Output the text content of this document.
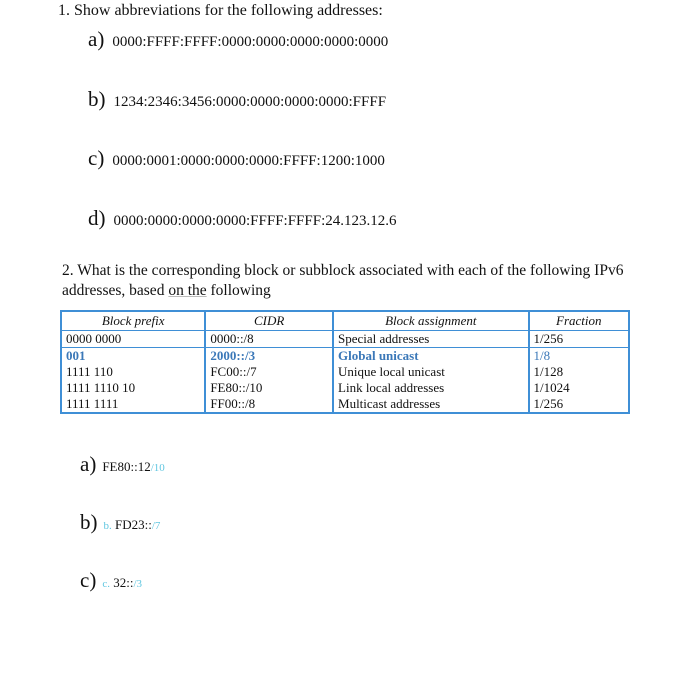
1. Show abbreviations for the following addresses:
a) 0000:FFFF:FFFF:0000:0000:0000:0000:0000
b) 1234:2346:3456:0000:0000:0000:0000:FFFF
c) 0000:0001:0000:0000:0000:FFFF:1200:1000
d) 0000:0000:0000:0000:FFFF:FFFF:24.123.12.6
2. What is the corresponding block or subblock associated with each of the following IPv6
addresses, based on the following
Block prefix	CIDR	Block assignment	Fraction
0000 0000	0000::/8	Special addresses	1/256
001	2000::/3	Global unicast	1/8
1111 110	FC00::/7	Unique local unicast	1/128
1111 1110 10	FE80::/10	Link local addresses	1/1024
1111 1111	FF00::/8	Multicast addresses	1/256
a) FE80::12/10
b) b. FD23::/7
c) c. 32::/3
